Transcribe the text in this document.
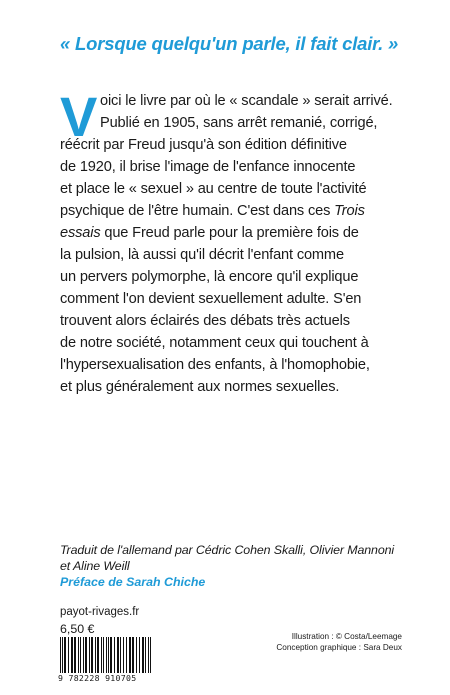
« Lorsque quelqu'un parle, il fait clair. »

V oici le livre par où le « scandale » serait arrivé.
Publié en 1905, sans arrêt remanié, corrigé,
réécrit par Freud jusqu'à son édition définitive
de 1920, il brise l'image de l'enfance innocente
et place le « sexuel » au centre de toute l'activité
psychique de l'être humain. C'est dans ces Trois
essais que Freud parle pour la première fois de
la pulsion, là aussi qu'il décrit l'enfant comme
un pervers polymorphe, là encore qu'il explique
comment l'on devient sexuellement adulte. S'en
trouvent alors éclairés des débats très actuels
de notre société, notamment ceux qui touchent à
l'hypersexualisation des enfants, à l'homophobie,
et plus généralement aux normes sexuelles.
Traduit de l'allemand par Cédric Cohen Skalli, Olivier Mannoni
et Aline Weill
Préface de Sarah Chiche
payot-rivages.fr
6,50 €
9 782228 910705
Illustration : © Costa/Leemage
Conception graphique : Sara Deux
